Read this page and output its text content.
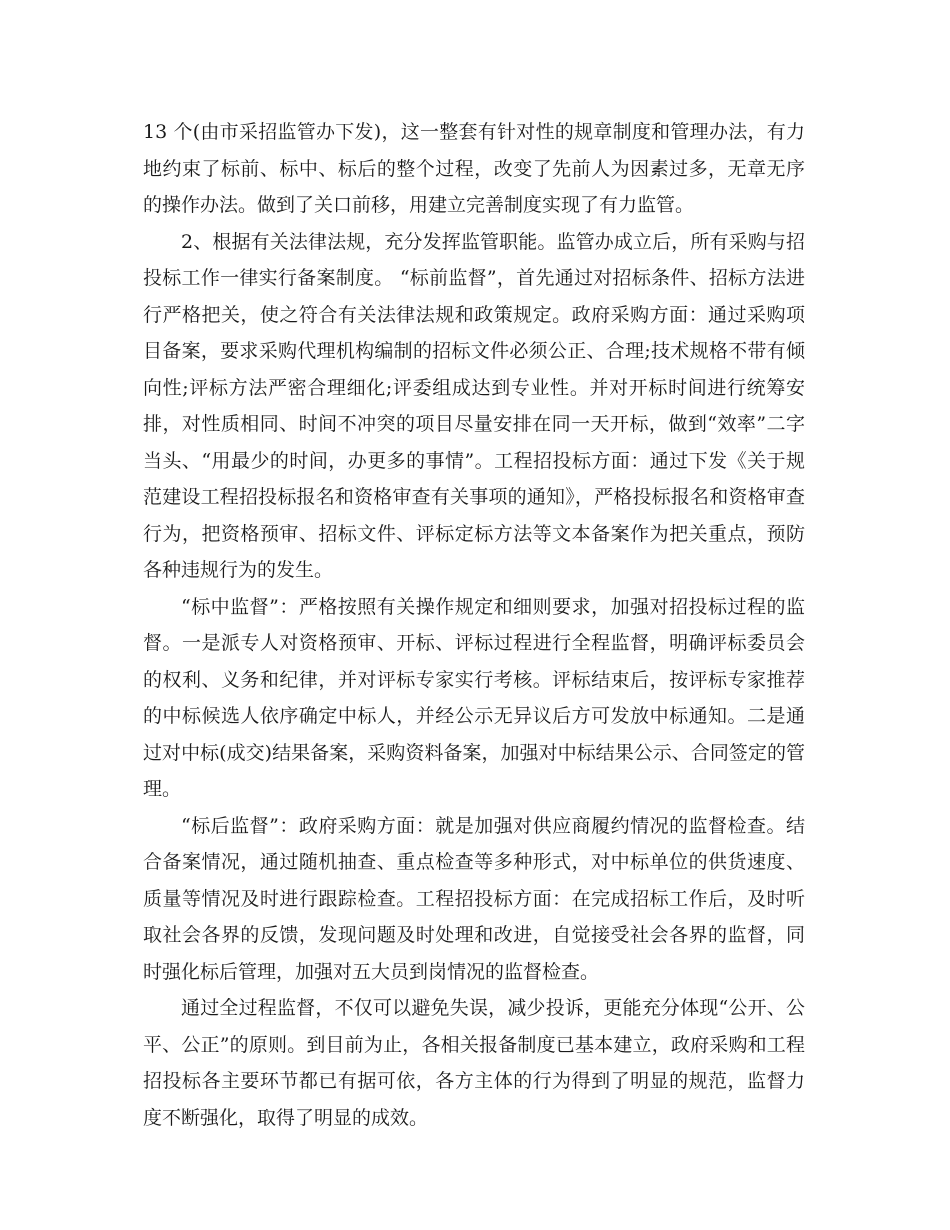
13 个(由市采招监管办下发)，这一整套有针对性的规章制度和管理办法，有力地约束了标前、标中、标后的整个过程，改变了先前人为因素过多，无章无序的操作办法。做到了关口前移，用建立完善制度实现了有力监管。

2、根据有关法律法规，充分发挥监管职能。监管办成立后，所有采购与招投标工作一律实行备案制度。 “标前监督”，首先通过对招标条件、招标方法进行严格把关，使之符合有关法律法规和政策规定。政府采购方面：通过采购项目备案，要求采购代理机构编制的招标文件必须公正、合理;技术规格不带有倾向性;评标方法严密合理细化;评委组成达到专业性。并对开标时间进行统筹安排，对性质相同、时间不冲突的项目尽量安排在同一天开标，做到“效率”二字当头、“用最少的时间，办更多的事情”。工程招投标方面：通过下发《关于规范建设工程招投标报名和资格审查有关事项的通知》，严格投标报名和资格审查行为，把资格预审、招标文件、评标定标方法等文本备案作为把关重点，预防各种违规行为的发生。

“标中监督”：严格按照有关操作规定和细则要求，加强对招投标过程的监督。一是派专人对资格预审、开标、评标过程进行全程监督，明确评标委员会的权利、义务和纪律，并对评标专家实行考核。评标结束后，按评标专家推荐的中标候选人依序确定中标人，并经公示无异议后方可发放中标通知。二是通过对中标(成交)结果备案，采购资料备案，加强对中标结果公示、合同签定的管理。

“标后监督”：政府采购方面：就是加强对供应商履约情况的监督检查。结合备案情况，通过随机抽查、重点检查等多种形式，对中标单位的供货速度、质量等情况及时进行跟踪检查。工程招投标方面：在完成招标工作后，及时听取社会各界的反馈，发现问题及时处理和改进，自觉接受社会各界的监督，同时强化标后管理，加强对五大员到岗情况的监督检查。

通过全过程监督，不仅可以避免失误，减少投诉，更能充分体现“公开、公平、公正”的原则。到目前为止，各相关报备制度已基本建立，政府采购和工程招投标各主要环节都已有据可依，各方主体的行为得到了明显的规范，监督力度不断强化，取得了明显的成效。
